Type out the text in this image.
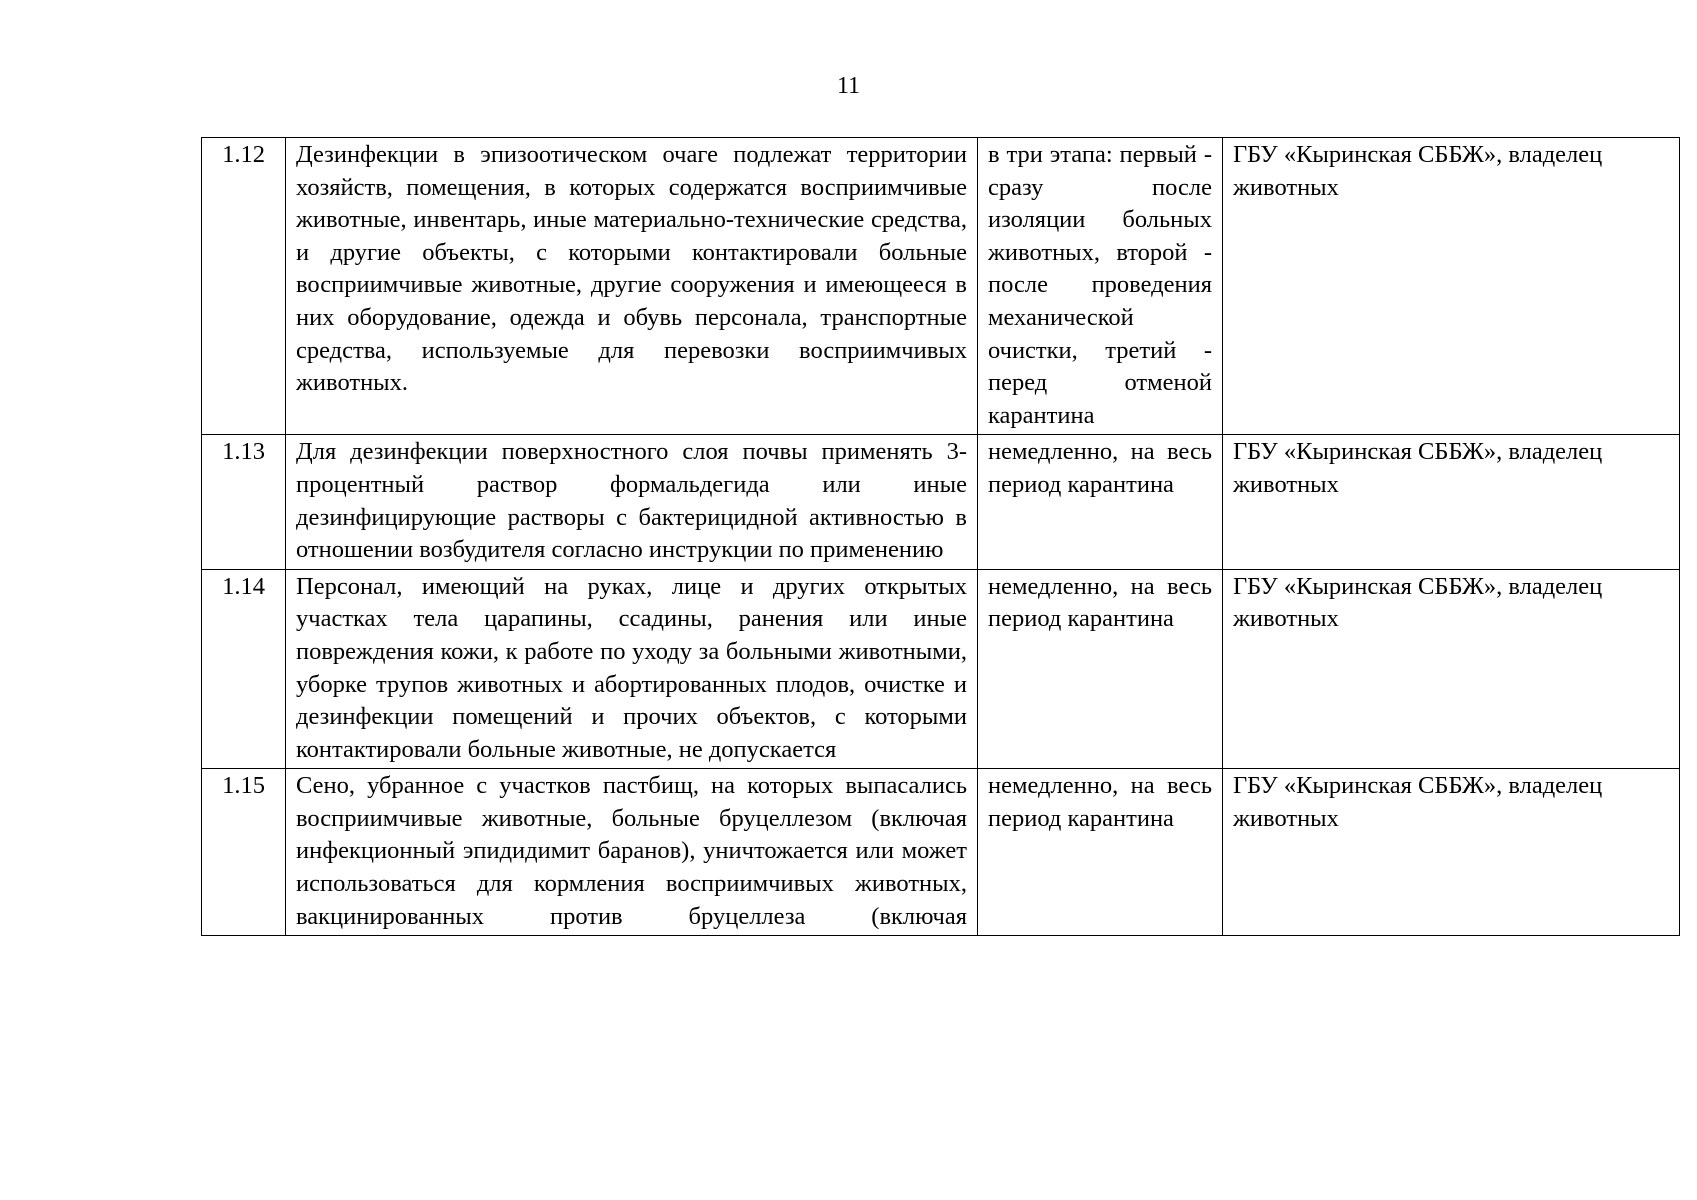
11
1.12	Дезинфекции в эпизоотическом очаге подлежат территории хозяйств, помещения, в которых содержатся восприимчивые животные, инвентарь, иные материально-технические средства, и другие объекты, с которыми контактировали больные восприимчивые животные, другие сооружения и имеющееся в них оборудование, одежда и обувь персонала, транспортные средства, используемые для перевозки восприимчивых животных.	в три этапа: первый - сразу после изоляции больных животных, второй - после проведения механической очистки, третий - перед отменой карантина	ГБУ «Кыринская СББЖ», владелец животных
1.13	Для дезинфекции поверхностного слоя почвы применять 3-процентный раствор формальдегида или иные дезинфицирующие растворы с бактерицидной активностью в отношении возбудителя согласно инструкции по применению	немедленно, на весь период карантина	ГБУ «Кыринская СББЖ», владелец животных
1.14	Персонал, имеющий на руках, лице и других открытых участках тела царапины, ссадины, ранения или иные повреждения кожи, к работе по уходу за больными животными, уборке трупов животных и абортированных плодов, очистке и дезинфекции помещений и прочих объектов, с которыми контактировали больные животные, не допускается	немедленно, на весь период карантина	ГБУ «Кыринская СББЖ», владелец животных
1.15	Сено, убранное с участков пастбищ, на которых выпасались восприимчивые животные, больные бруцеллезом (включая инфекционный эпидидимит баранов), уничтожается или может использоваться для кормления восприимчивых животных, вакцинированных против бруцеллеза (включая	немедленно, на весь период карантина	ГБУ «Кыринская СББЖ», владелец животных
